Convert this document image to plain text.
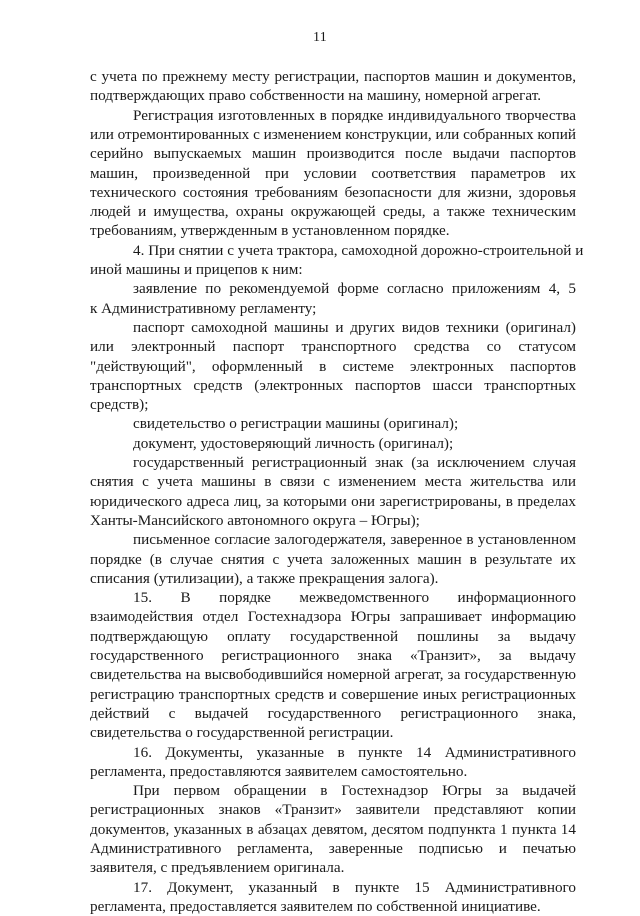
11
с учета по прежнему месту регистрации, паспортов машин и документов,
подтверждающих право собственности на машину, номерной агрегат.
Регистрация изготовленных в порядке индивидуального творчества
или отремонтированных с изменением конструкции, или собранных копий
серийно выпускаемых машин производится после выдачи паспортов
машин, произведенной при условии соответствия параметров их
технического состояния требованиям безопасности для жизни, здоровья
людей и имущества, охраны окружающей среды, а также техническим
требованиям, утвержденным в установленном порядке.
4. При снятии с учета трактора, самоходной дорожно-строительной и
иной машины и прицепов к ним:
заявление по рекомендуемой форме согласно приложениям 4, 5
к Административному регламенту;
паспорт самоходной машины и других видов техники (оригинал)
или электронный паспорт транспортного средства со статусом
"действующий", оформленный в системе электронных паспортов
транспортных средств (электронных паспортов шасси транспортных
средств);
свидетельство о регистрации машины (оригинал);
документ, удостоверяющий личность (оригинал);
государственный регистрационный знак (за исключением случая
снятия с учета машины в связи с изменением места жительства или
юридического адреса лиц, за которыми они зарегистрированы, в пределах
Ханты-Мансийского автономного округа – Югры);
письменное согласие залогодержателя, заверенное в установленном
порядке (в случае снятия с учета заложенных машин в результате их
списания (утилизации), а также прекращения залога).
15. В порядке межведомственного информационного
взаимодействия отдел Гостехнадзора Югры запрашивает информацию
подтверждающую оплату государственной пошлины за выдачу
государственного регистрационного знака «Транзит», за выдачу
свидетельства на высвободившийся номерной агрегат, за государственную
регистрацию транспортных средств и совершение иных регистрационных
действий с выдачей государственного регистрационного знака,
свидетельства о государственной регистрации.
16. Документы, указанные в пункте 14 Административного
регламента, предоставляются заявителем самостоятельно.
При первом обращении в Гостехнадзор Югры за выдачей
регистрационных знаков «Транзит» заявители представляют копии
документов, указанных в абзацах девятом, десятом подпункта 1 пункта 14
Административного регламента, заверенные подписью и печатью
заявителя, с предъявлением оригинала.
17. Документ, указанный в пункте 15 Административного
регламента, предоставляется заявителем по собственной инициативе.
